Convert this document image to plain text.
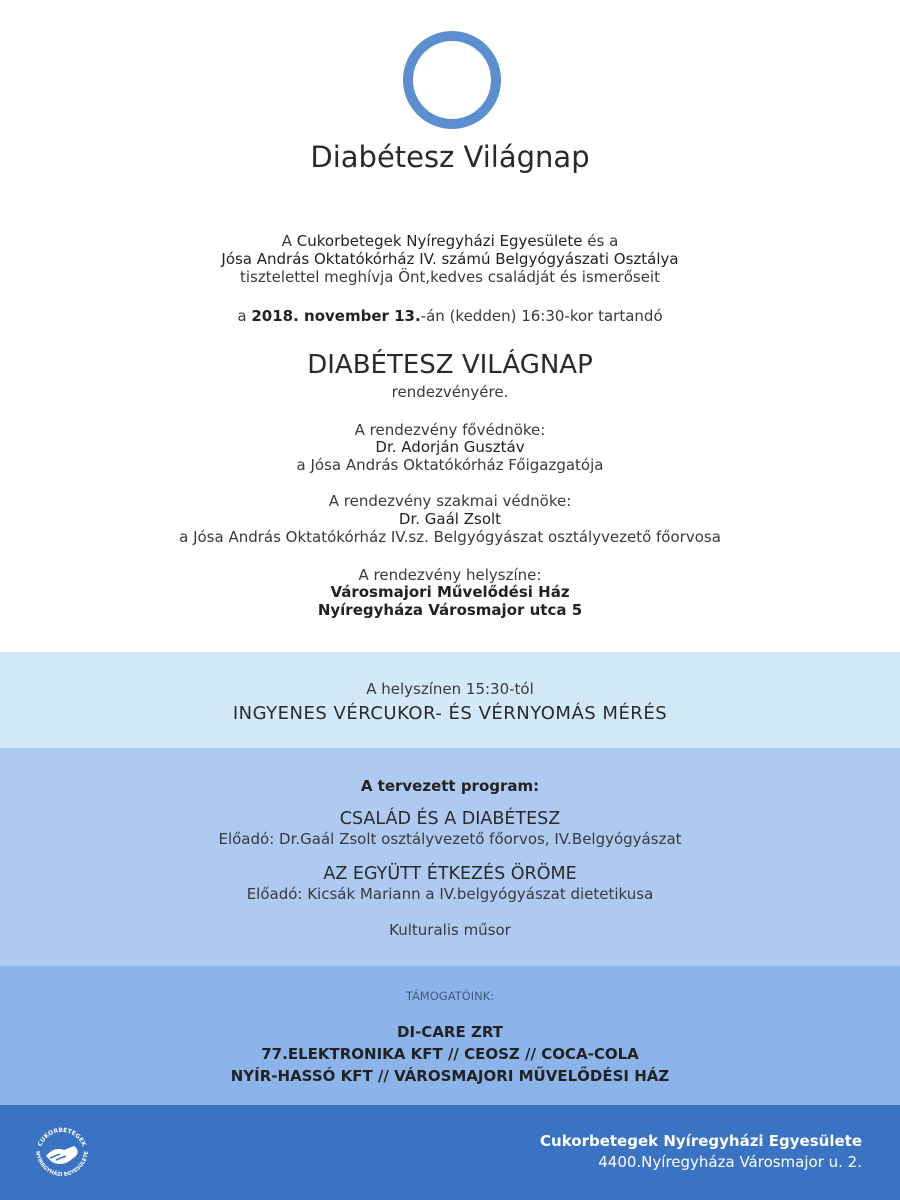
Diabétesz Világnap
A Cukorbetegek Nyíregyházi Egyesülete és a
Jósa András Oktatókórház IV. számú Belgyógyászati Osztálya
tisztelettel meghívja Önt,kedves családját és ismerőseit
a 2018. november 13.-án (kedden) 16:30-kor tartandó
DIABÉTESZ VILÁGNAP
rendezvényére.
A rendezvény fővédnöke:
Dr. Adorján Gusztáv
a Jósa András Oktatókórház Főigazgatója
A rendezvény szakmai védnöke:
Dr. Gaál Zsolt
a Jósa András Oktatókórház IV.sz. Belgyógyászat osztályvezető főorvosa
A rendezvény helyszíne:
Városmajori Művelődési Ház
Nyíregyháza Városmajor utca 5
A helyszínen 15:30-tól
INGYENES VÉRCUKOR- ÉS VÉRNYOMÁS MÉRÉS
A tervezett program:
CSALÁD ÉS A DIABÉTESZ
Előadó: Dr.Gaál Zsolt osztályvezető főorvos, IV.Belgyógyászat
AZ EGYÜTT ÉTKEZÉS ÖRÖME
Előadó: Kicsák Mariann a IV.belgyógyászat dietetikusa
Kulturalis műsor
TÁMOGATÓINK:
DI-CARE ZRT
77.ELEKTRONIKA KFT // CEOSZ // COCA-COLA
NYÍR-HASSÓ KFT // VÁROSMAJORI MŰVELŐDÉSI HÁZ
CUKORBETEGEK
NYÍREGYHÁZI EGYESÜLETE
Cukorbetegek Nyíregyházi Egyesülete
4400.Nyíregyháza Városmajor u. 2.
